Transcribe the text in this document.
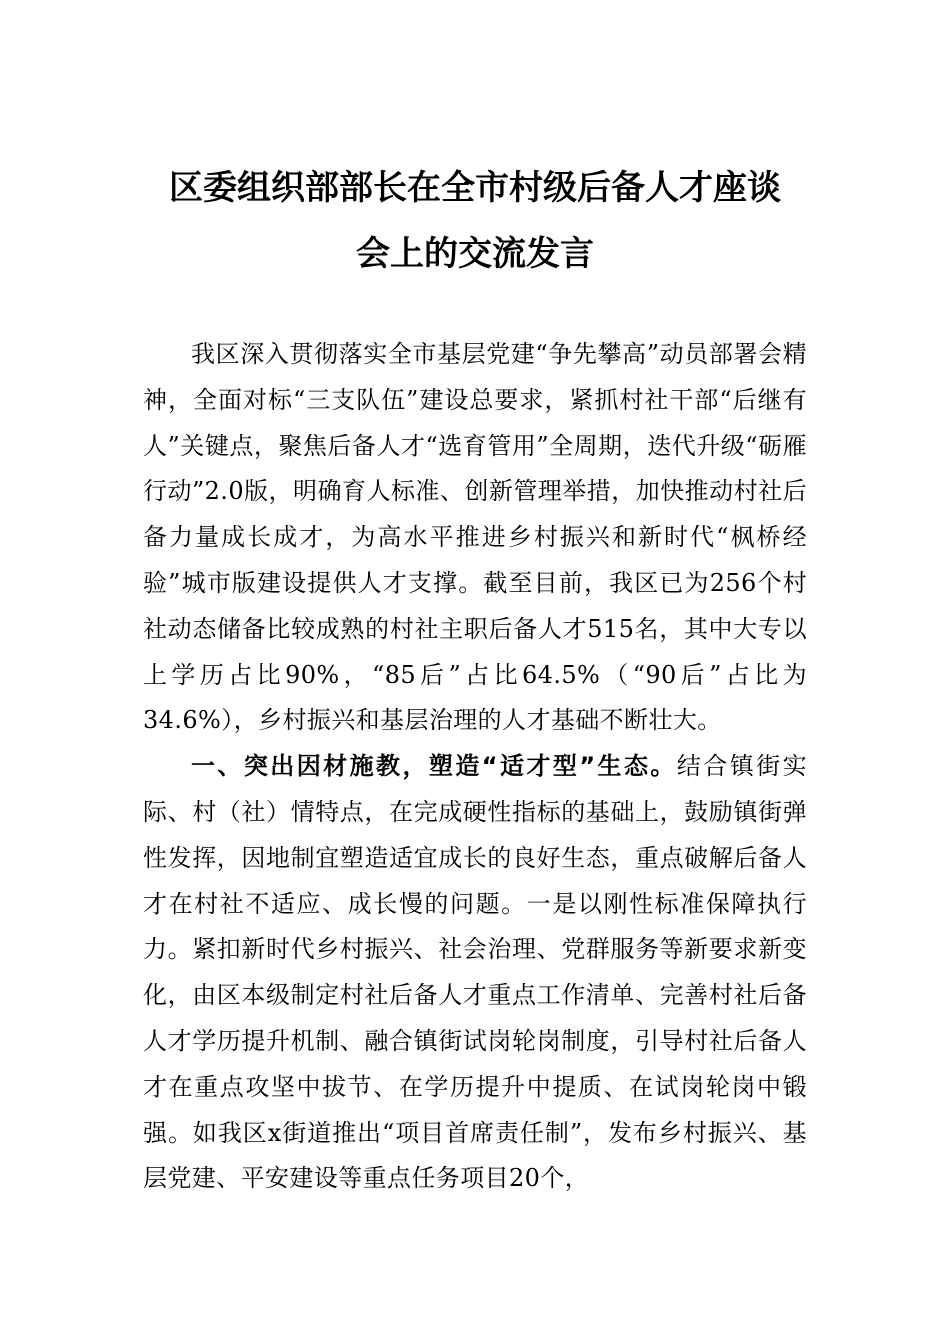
区委组织部部长在全市村级后备人才座谈
会上的交流发言

我区深入贯彻落实全市基层党建“争先攀高”动员部署会精神，全面对标“三支队伍”建设总要求，紧抓村社干部“后继有人”关键点，聚焦后备人才“选育管用”全周期，迭代升级“砺雁行动”2.0版，明确育人标准、创新管理举措，加快推动村社后备力量成长成才，为高水平推进乡村振兴和新时代“枫桥经验”城市版建设提供人才支撑。截至目前，我区已为256个村社动态储备比较成熟的村社主职后备人才515名，其中大专以上学历占比90%，“85后”占比64.5%（“90后”占比为34.6%），乡村振兴和基层治理的人才基础不断壮大。

一、突出因材施教，塑造“适才型”生态。结合镇街实际、村（社）情特点，在完成硬性指标的基础上，鼓励镇街弹性发挥，因地制宜塑造适宜成长的良好生态，重点破解后备人才在村社不适应、成长慢的问题。一是以刚性标准保障执行力。紧扣新时代乡村振兴、社会治理、党群服务等新要求新变化，由区本级制定村社后备人才重点工作清单、完善村社后备人才学历提升机制、融合镇街试岗轮岗制度，引导村社后备人才在重点攻坚中拔节、在学历提升中提质、在试岗轮岗中锻强。如我区x街道推出“项目首席责任制”，发布乡村振兴、基层党建、平安建设等重点任务项目20个，
